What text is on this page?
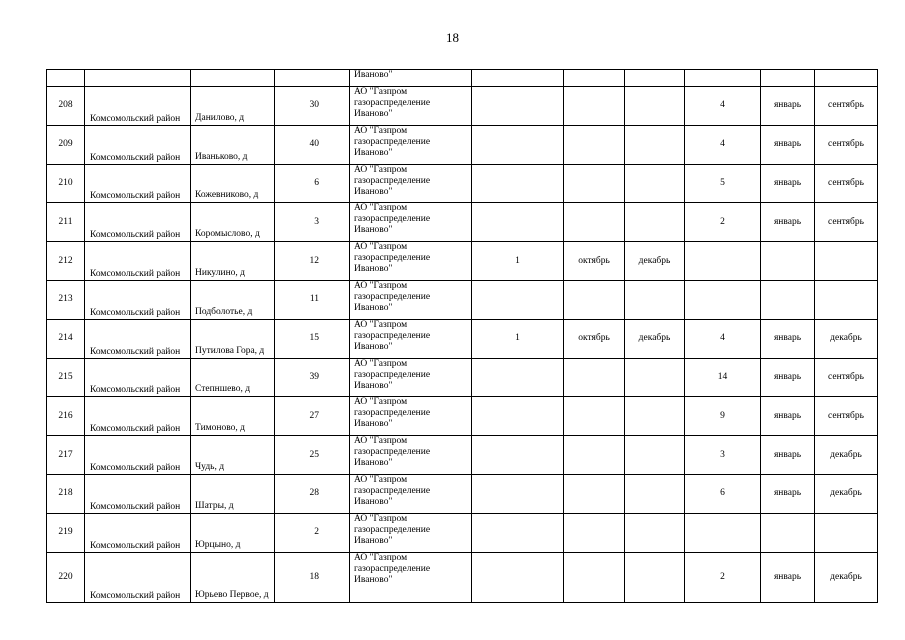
18
				Иваново"						
208	Комсомольский район	Данилово, д	30	АО "Газпром газораспределение Иваново"				4	январь	сентябрь
209	Комсомольский район	Иваньково, д	40	АО "Газпром газораспределение Иваново"				4	январь	сентябрь
210	Комсомольский район	Кожевниково, д	6	АО "Газпром газораспределение Иваново"				5	январь	сентябрь
211	Комсомольский район	Коромыслово, д	3	АО "Газпром газораспределение Иваново"				2	январь	сентябрь
212	Комсомольский район	Никулино, д	12	АО "Газпром газораспределение Иваново"	1	октябрь	декабрь			
213	Комсомольский район	Подболотье, д	11	АО "Газпром газораспределение Иваново"						
214	Комсомольский район	Путилова Гора, д	15	АО "Газпром газораспределение Иваново"	1	октябрь	декабрь	4	январь	декабрь
215	Комсомольский район	Степншево, д	39	АО "Газпром газораспределение Иваново"				14	январь	сентябрь
216	Комсомольский район	Тимоново, д	27	АО "Газпром газораспределение Иваново"				9	январь	сентябрь
217	Комсомольский район	Чудь, д	25	АО "Газпром газораспределение Иваново"				3	январь	декабрь
218	Комсомольский район	Шатры, д	28	АО "Газпром газораспределение Иваново"				6	январь	декабрь
219	Комсомольский район	Юрцыно, д	2	АО "Газпром газораспределение Иваново"						
220	Комсомольский район	Юрьево Первое, д	18	АО "Газпром газораспределение Иваново"				2	январь	декабрь
